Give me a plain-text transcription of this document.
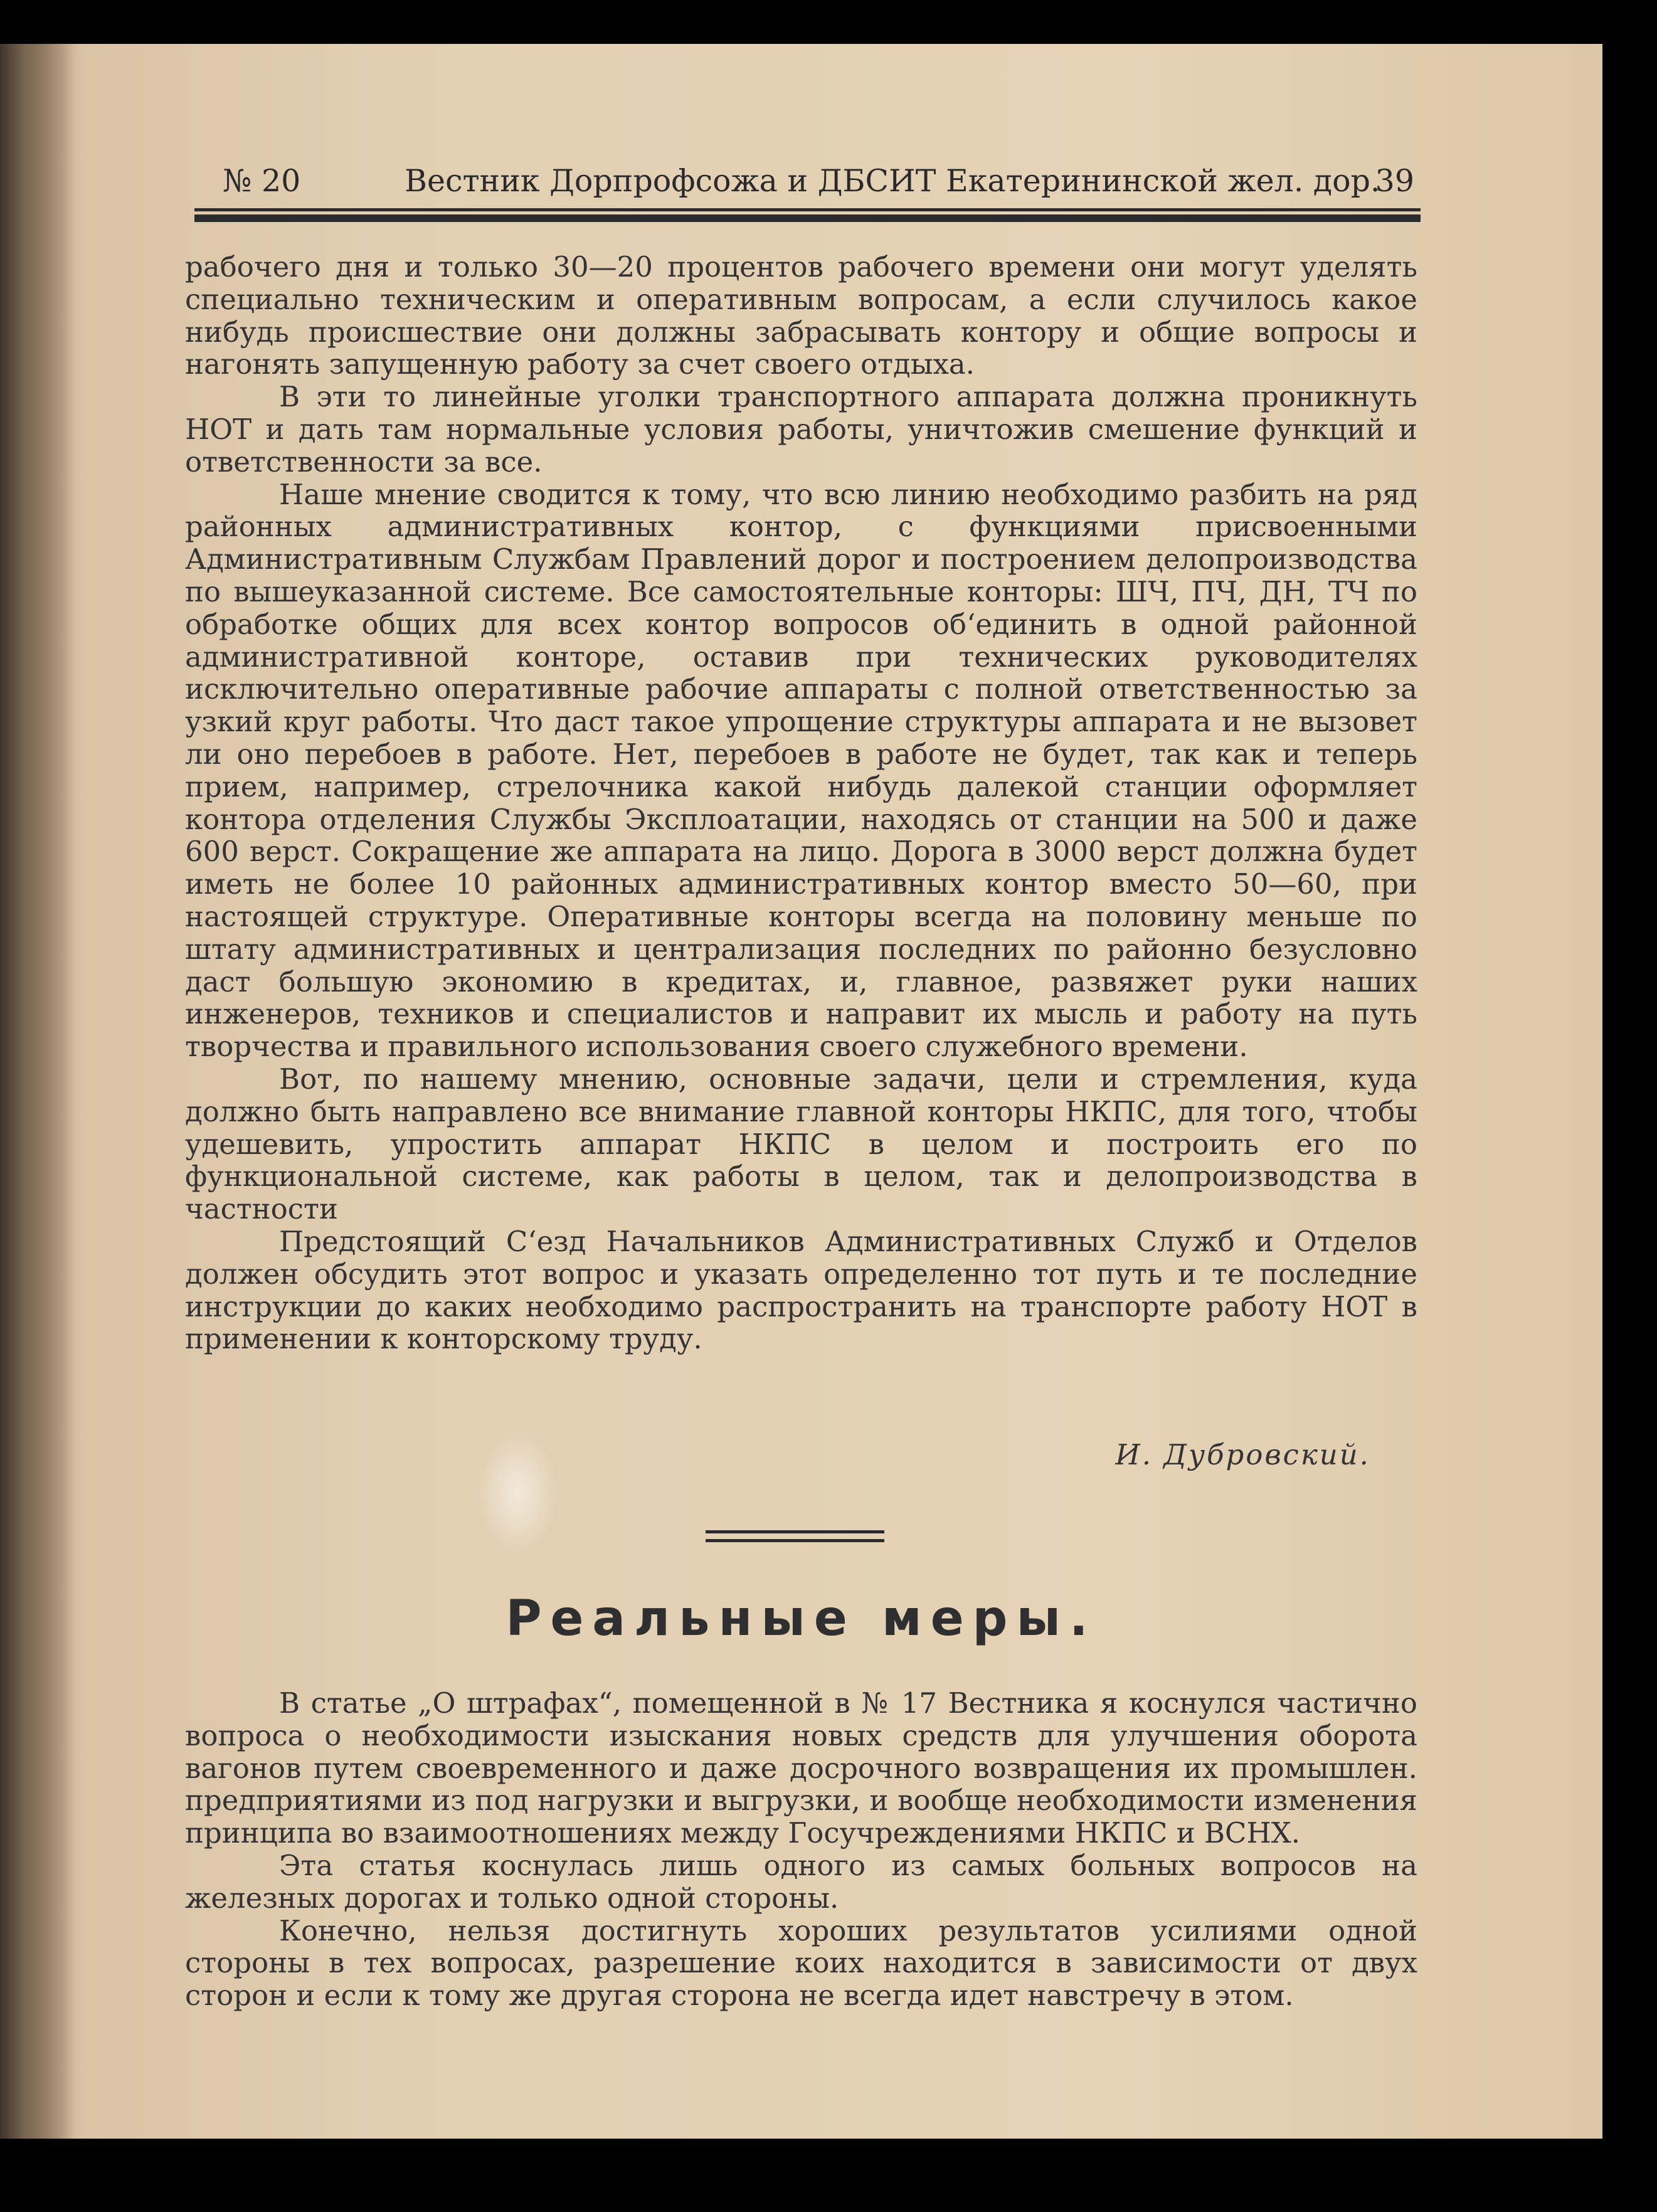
№ 20	Вестник Дорпрофсожа и ДБСИТ Екатерининской жел. дор.
39

рабочего дня и только 30—20 процентов рабочего времени они могут уделять специально техническим и оперативным вопросам, а если случилось какое нибудь происшествие они должны забрасывать контору и общие вопросы и нагонять запущенную работу за счет своего отдыха.

В эти то линейные уголки транспортного аппарата должна проникнуть НОТ и дать там нормальные условия работы, уничтожив смешение функций и ответственности за все.

Наше мнение сводится к тому, что всю линию необходимо разбить на ряд районных административных контор, с функциями присвоенными Административным Службам Правлений дорог и построением делопроизводства по вышеуказанной системе. Все самостоятельные конторы: ШЧ, ПЧ, ДН, ТЧ по обработке общих для всех контор вопросов об‘единить в одной районной административной конторе, оставив при технических руководителях исключительно оперативные рабочие аппараты с полной ответственностью за узкий круг работы. Что даст такое упрощение структуры аппарата и не вызовет ли оно перебоев в работе. Нет, перебоев в работе не будет, так как и теперь прием, например, стрелочника какой нибудь далекой станции оформляет контора отделения Службы Эксплоатации, находясь от станции на 500 и даже 600 верст. Сокращение же аппарата на лицо. Дорога в 3000 верст должна будет иметь не более 10 районных административных контор вместо 50—60, при настоящей структуре. Оперативные конторы всегда на половину меньше по штату административных и централизация последних по районно безусловно даст большую экономию в кредитах, и, главное, развяжет руки наших инженеров, техников и специалистов и направит их мысль и работу на путь творчества и правильного использования своего служебного времени.

Вот, по нашему мнению, основные задачи, цели и стремления, куда должно быть направлено все внимание главной конторы НКПС, для того, чтобы удешевить, упростить аппарат НКПС в целом и построить его по функциональной системе, как работы в целом, так и делопроизводства в частности

Предстоящий С‘езд Начальников Административных Служб и Отделов должен обсудить этот вопрос и указать определенно тот путь и те последние инструкции до каких необходимо распространить на транспорте работу НОТ в применении к конторскому труду.

И. Дубровский.
Реальные меры.

В статье „О штрафах“, помещенной в № 17 Вестника я коснулся частично вопроса о необходимости изыскания новых средств для улучшения оборота вагонов путем своевременного и даже досрочного возвращения их промышлен. предприятиями из под нагрузки и выгрузки, и вообще необходимости изменения принципа во взаимоотношениях между Госучреждениями НКПС и ВСНХ.

Эта статья коснулась лишь одного из самых больных вопросов на железных дорогах и только одной стороны.

Конечно, нельзя достигнуть хороших результатов усилиями одной стороны в тех вопросах, разрешение коих находится в зависимости от двух сторон и если к тому же другая сторона не всегда идет навстречу в этом.
